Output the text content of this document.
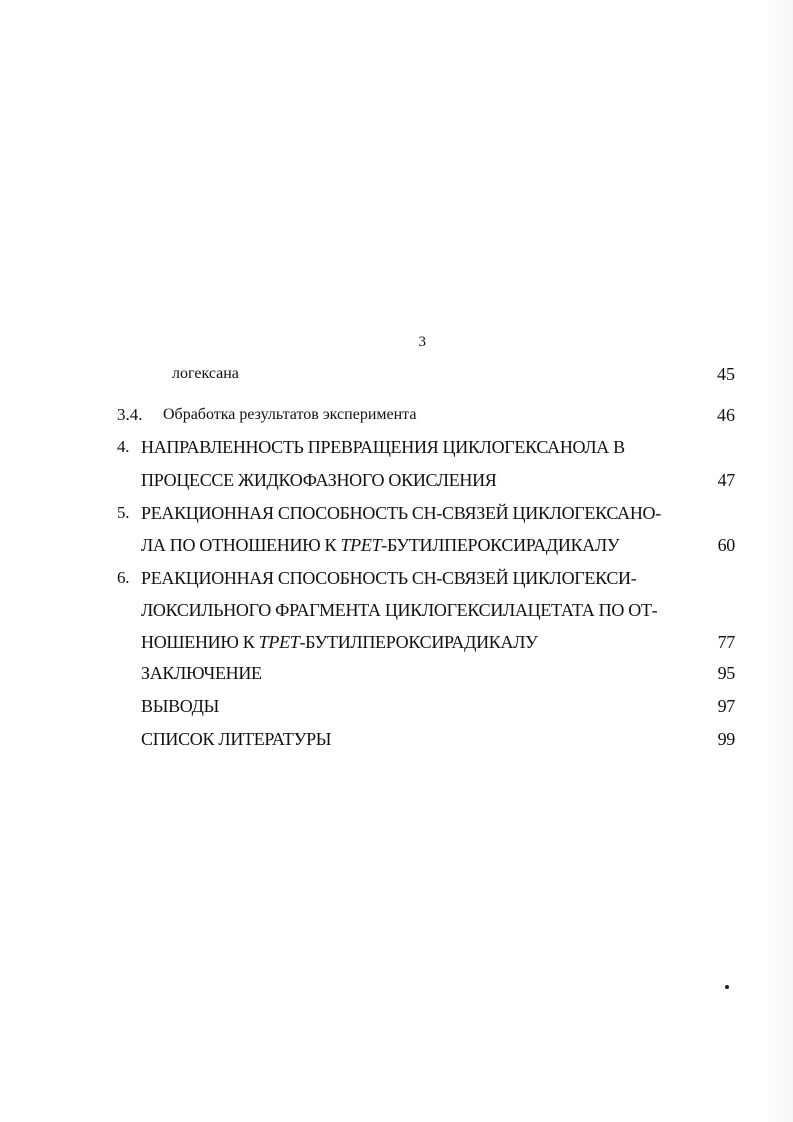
3
логексана	45
3.4. Обработка результатов эксперимента	46
4. НАПРАВЛЕННОСТЬ ПРЕВРАЩЕНИЯ ЦИКЛОГЕКСАНОЛА В
ПРОЦЕССЕ ЖИДКОФАЗНОГО ОКИСЛЕНИЯ	47
5. РЕАКЦИОННАЯ СПОСОБНОСТЬ СН-СВЯЗЕЙ ЦИКЛОГЕКСАНО-
ЛА ПО ОТНОШЕНИЮ К ТРЕТ-БУТИЛПЕРОКСИРАДИКАЛУ	60
6. РЕАКЦИОННАЯ СПОСОБНОСТЬ СН-СВЯЗЕЙ ЦИКЛОГЕКСИ-
ЛОКСИЛЬНОГО ФРАГМЕНТА ЦИКЛОГЕКСИЛАЦЕТАТА ПО ОТ-
НОШЕНИЮ К ТРЕТ-БУТИЛПЕРОКСИРАДИКАЛУ	77
ЗАКЛЮЧЕНИЕ	95
ВЫВОДЫ	97
СПИСОК ЛИТЕРАТУРЫ	99
